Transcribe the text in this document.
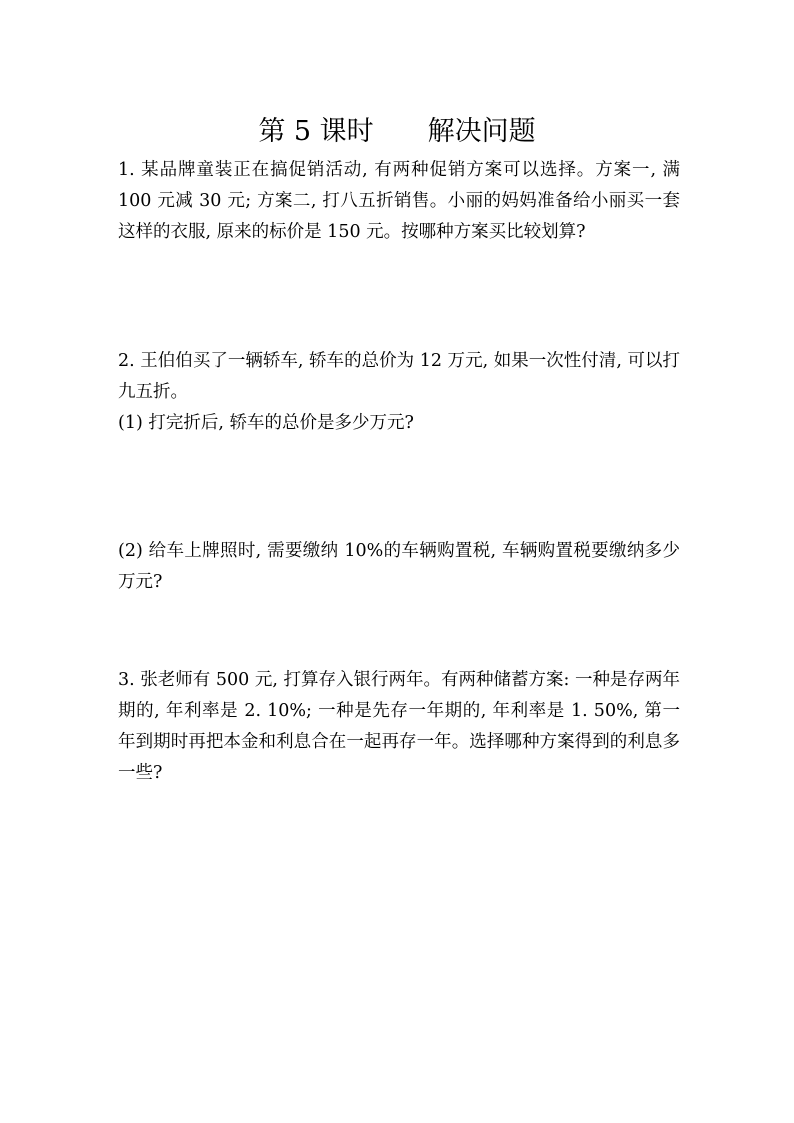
第 5 课时　　解决问题

1. 某品牌童装正在搞促销活动, 有两种促销方案可以选择。方案一, 满 100 元减 30 元; 方案二, 打八五折销售。小丽的妈妈准备给小丽买一套这样的衣服, 原来的标价是 150 元。按哪种方案买比较划算?

2. 王伯伯买了一辆轿车, 轿车的总价为 12 万元, 如果一次性付清, 可以打九五折。

(1) 打完折后, 轿车的总价是多少万元?

(2) 给车上牌照时, 需要缴纳 10%的车辆购置税, 车辆购置税要缴纳多少万元?

3. 张老师有 500 元, 打算存入银行两年。有两种储蓄方案: 一种是存两年期的, 年利率是 2. 10%; 一种是先存一年期的, 年利率是 1. 50%, 第一年到期时再把本金和利息合在一起再存一年。选择哪种方案得到的利息多一些?
